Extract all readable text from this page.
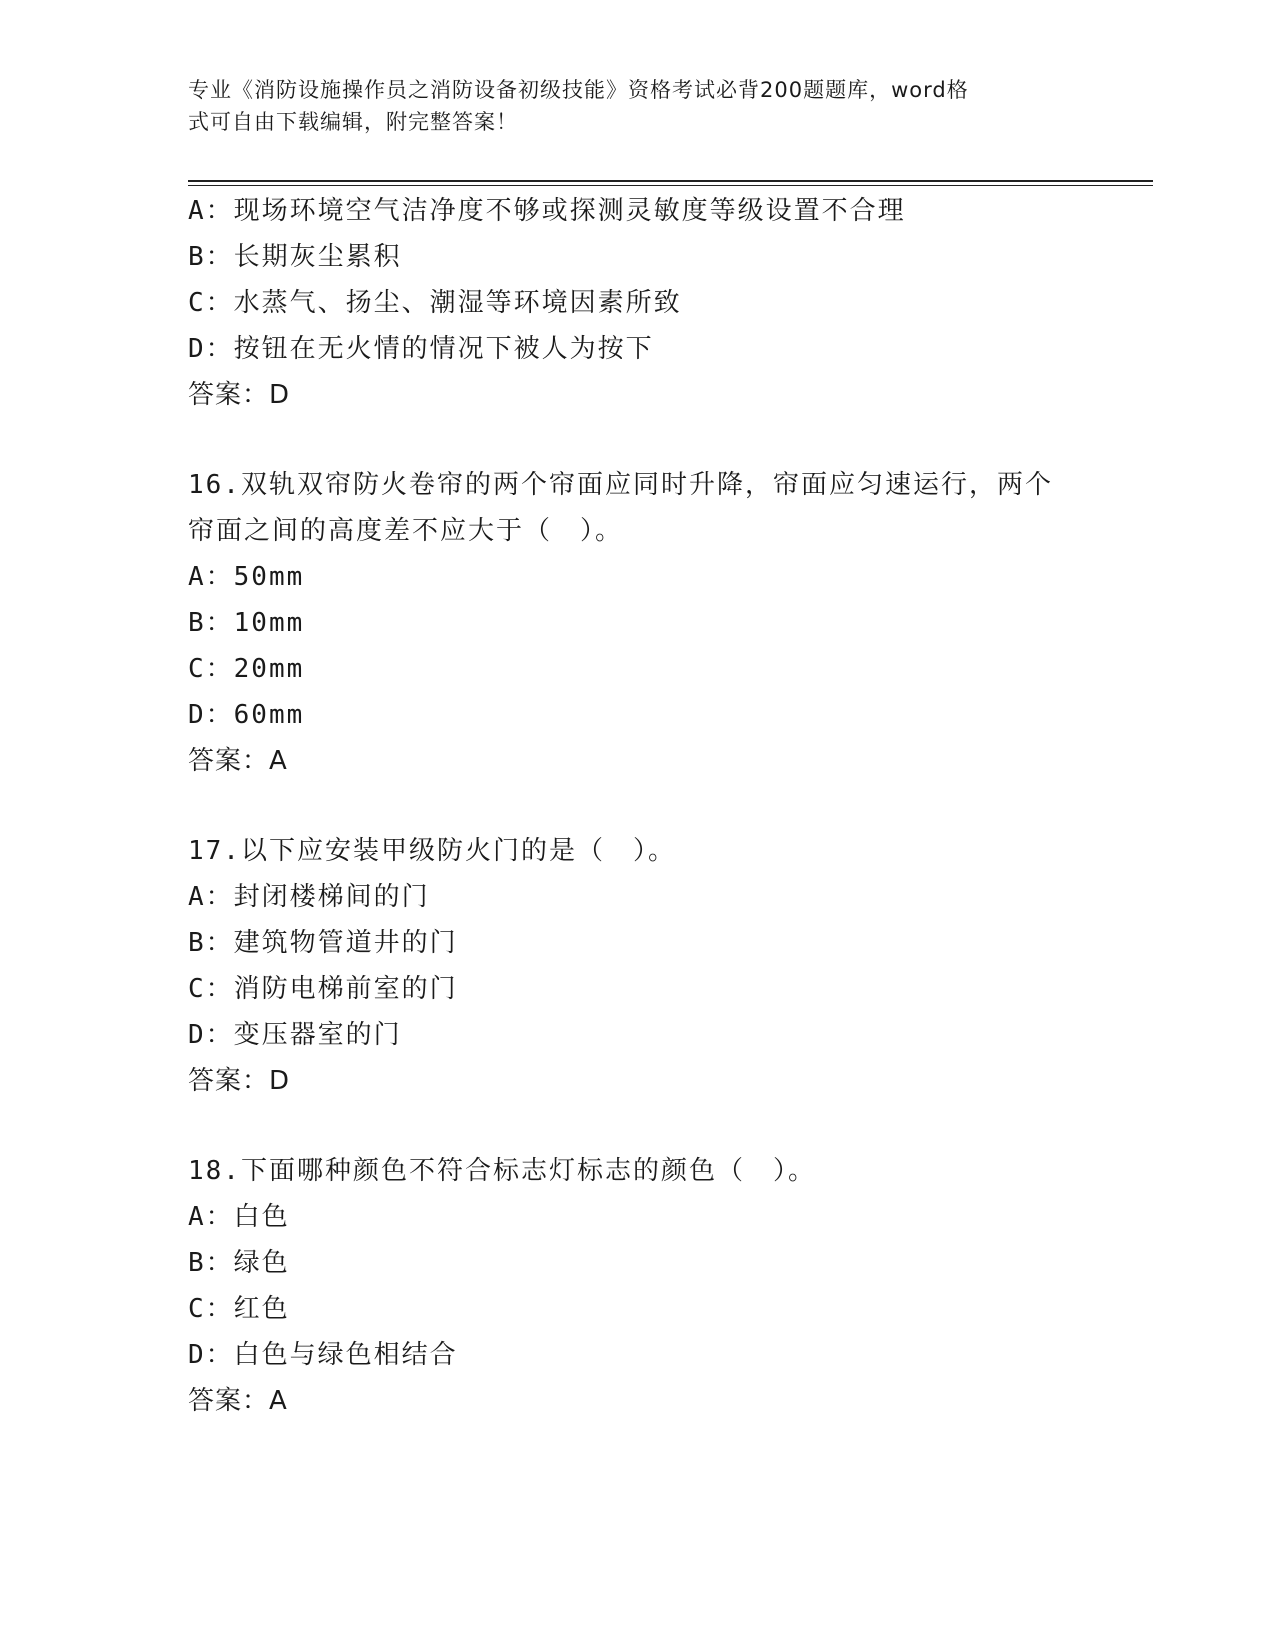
专业《消防设施操作员之消防设备初级技能》资格考试必背200题题库，word格
式可自由下载编辑，附完整答案！
A：现场环境空气洁净度不够或探测灵敏度等级设置不合理
B：长期灰尘累积
C：水蒸气、扬尘、潮湿等环境因素所致
D：按钮在无火情的情况下被人为按下
答案：D
16.双轨双帘防火卷帘的两个帘面应同时升降，帘面应匀速运行，两个
帘面之间的高度差不应大于（　）。
A：50mm
B：10mm
C：20mm
D：60mm
答案：A
17.以下应安装甲级防火门的是（　）。
A：封闭楼梯间的门
B：建筑物管道井的门
C：消防电梯前室的门
D：变压器室的门
答案：D
18.下面哪种颜色不符合标志灯标志的颜色（　）。
A：白色
B：绿色
C：红色
D：白色与绿色相结合
答案：A
